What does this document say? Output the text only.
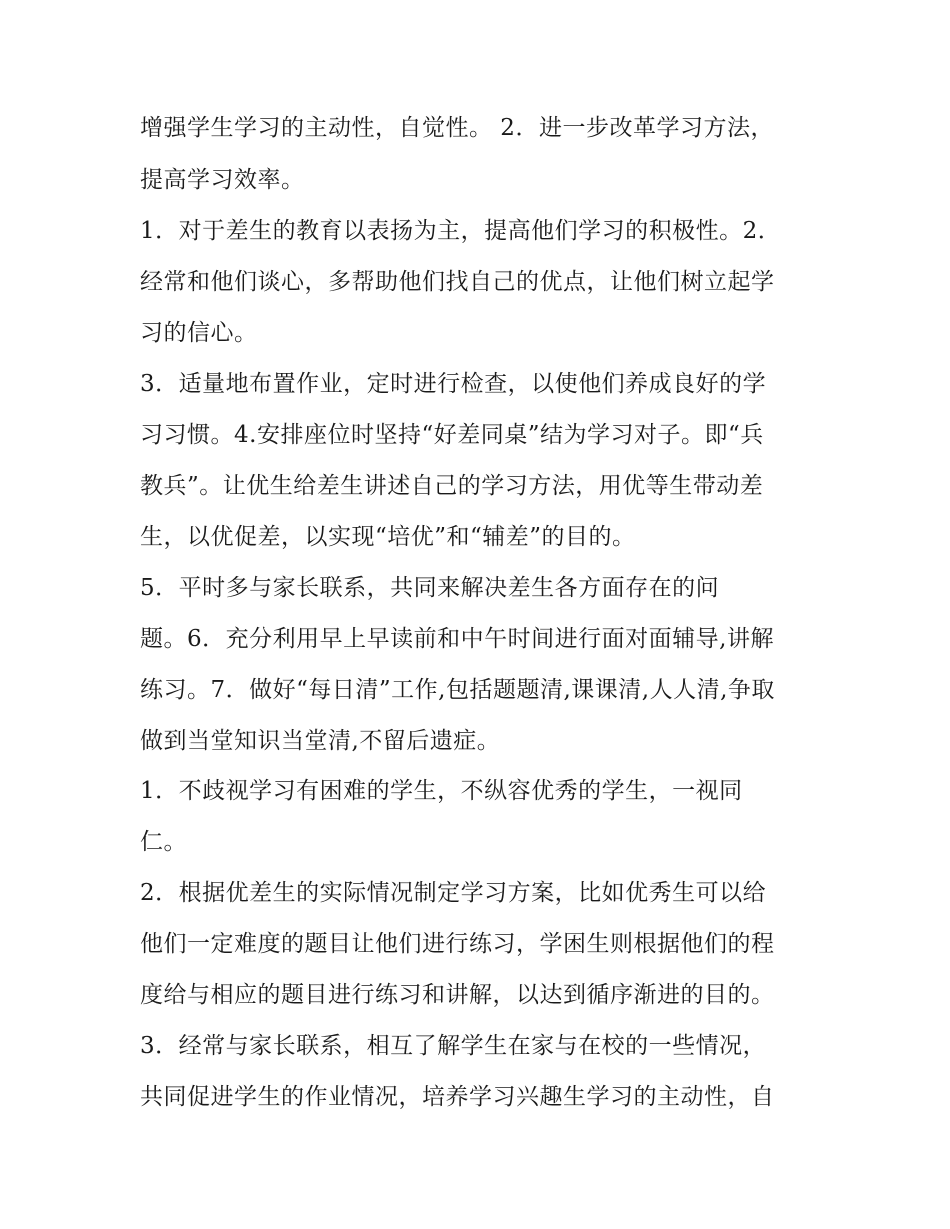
增强学生学习的主动性，自觉性。 2．进一步改革学习方法，
提高学习效率。
1．对于差生的教育以表扬为主，提高他们学习的积极性。2．
经常和他们谈心，多帮助他们找自己的优点，让他们树立起学
习的信心。
3．适量地布置作业，定时进行检查，以使他们养成良好的学
习习惯。4.安排座位时坚持“好差同桌”结为学习对子。即“兵
教兵”。让优生给差生讲述自己的学习方法，用优等生带动差
生，以优促差，以实现“培优”和“辅差”的目的。
5．平时多与家长联系，共同来解决差生各方面存在的问
题。6．充分利用早上早读前和中午时间进行面对面辅导,讲解
练习。7．做好“每日清”工作,包括题题清,课课清,人人清,争取
做到当堂知识当堂清,不留后遗症。
1．不歧视学习有困难的学生，不纵容优秀的学生，一视同
仁。
2．根据优差生的实际情况制定学习方案，比如优秀生可以给
他们一定难度的题目让他们进行练习，学困生则根据他们的程
度给与相应的题目进行练习和讲解，以达到循序渐进的目的。
3．经常与家长联系，相互了解学生在家与在校的一些情况，
共同促进学生的作业情况，培养学习兴趣生学习的主动性，自
